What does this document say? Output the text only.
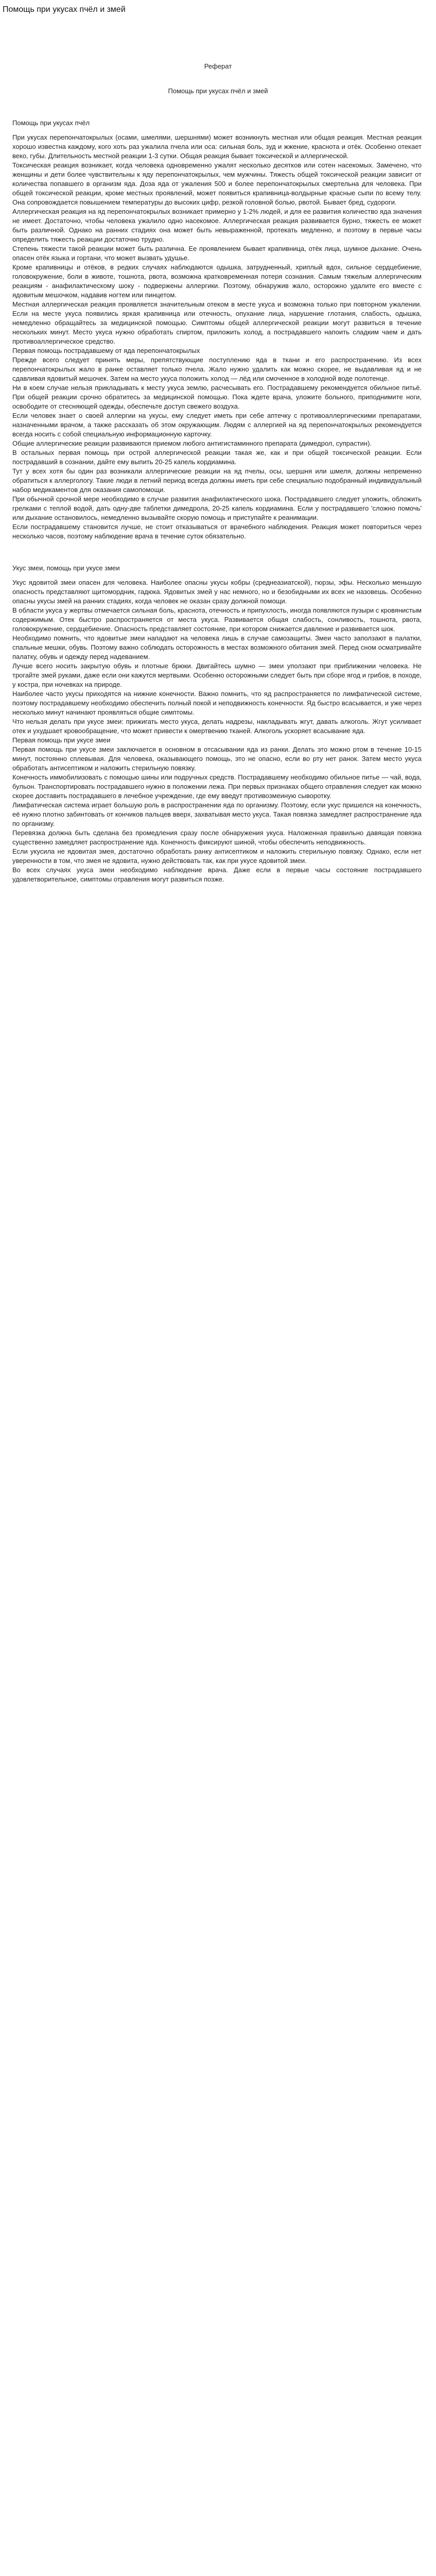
Помощь при укусах пчёл и змей
Реферат
Помощь при укусах пчёл и змей
Помощь при укусах пчёл

При укусах перепончатокрылых (осами, шмелями, шершнями) может возникнуть местная или общая реакция. Местная реакция хорошо известна каждому, кого хоть раз ужалила пчела или оса: сильная боль, зуд и жжение, краснота и отёк. Особенно отекает веко, губы. Длительность местной реакции 1-3 сутки. Общая реакция бывает токсической и аллергической.

Токсическая реакция возникает, когда человека одновременно ужалят несколько десятков или сотен насекомых. Замечено, что женщины и дети более чувствительны к яду перепончатокрылых, чем мужчины. Тяжесть общей токсической реакции зависит от количества попавшего в организм яда. Доза яда от ужаления 500 и более перепончатокрылых смертельна для человека. При общей токсической реакции, кроме местных проявлений, может появиться крапивница-волдырные красные сыпи по всему телу. Она сопровождается повышением температуры до высоких цифр, резкой головной болью, рвотой. Бывает бред, судороги.

Аллергическая реакция на яд перепончатокрылых возникает примерно у 1-2% людей, и для ее развития количество яда значения не имеет. Достаточно, чтобы человека ужалило одно насекомое. Аллергическая реакция развивается бурно, тяжесть ее может быть различной. Однако на ранних стадиях она может быть невыраженной, протекать медленно, и поэтому в первые часы определить тяжесть реакции достаточно трудно.

Степень тяжести такой реакции может быть различна. Ее проявлением бывает крапивница, отёк лица, шумное дыхание. Очень опасен отёк языка и гортани, что может вызвать удушье.

Кроме крапивницы и отёков, в редких случаях наблюдаются одышка, затрудненный, хриплый вдох, сильное сердцебиение, головокружение, боли в животе, тошнота, рвота, возможна кратковременная потеря сознания. Самым тяжелым аллергическим реакциям - анафилактическому шоку - подвержены аллергики. Поэтому, обнаружив жало, осторожно удалите его вместе с ядовитым мешочком, надавив ногтем или пинцетом.

Местная аллергическая реакция проявляется значительным отеком в месте укуса и возможна только при повторном ужалении. Если на месте укуса появились яркая крапивница или отечность, опухание лица, нарушение глотания, слабость, одышка, немедленно обращайтесь за медицинской помощью. Симптомы общей аллергической реакции могут развиться в течение нескольких минут. Место укуса нужно обработать спиртом, приложить холод, а пострадавшего напоить сладким чаем и дать противоаллергическое средство.

Первая помощь пострадавшему от яда перепончатокрылых

Прежде всего следует принять меры, препятствующие поступлению яда в ткани и его распространению. Из всех перепончатокрылых жало в ранке оставляет только пчела. Жало нужно удалить как можно скорее, не выдавливая яд и не сдавливая ядовитый мешочек. Затем на место укуса положить холод — лёд или смоченное в холодной воде полотенце.

Ни в коем случае нельзя прикладывать к месту укуса землю, расчесывать его. Пострадавшему рекомендуется обильное питьё. При общей реакции срочно обратитесь за медицинской помощью. Пока ждете врача, уложите больного, приподнимите ноги, освободите от стесняющей одежды, обеспечьте доступ свежего воздуха.

Если человек знает о своей аллергии на укусы, ему следует иметь при себе аптечку с противоаллергическими препаратами, назначенными врачом, а также рассказать об этом окружающим. Людям с аллергией на яд перепончатокрылых рекомендуется всегда носить с собой специальную информационную карточку.

Общие аллергические реакции развиваются приемом любого антигистаминного препарата (димедрол, супрастин).

В остальных первая помощь при острой аллергической реакции такая же, как и при общей токсической реакции. Если пострадавший в сознании, дайте ему выпить 20-25 капель кордиамина.

Тут у всех хотя бы один раз возникали аллергические реакции на яд пчелы, осы, шершня или шмеля, должны непременно обратиться к аллергологу. Такие люди в летний период всегда должны иметь при себе специально подобранный индивидуальный набор медикаментов для оказания самопомощи.

При обычной срочной мере необходимо в случае развития анафилактического шока. Пострадавшего следует уложить, обложить грелками с теплой водой, дать одну-две таблетки димедрола, 20-25 капель кордиамина. Если у пострадавшего 'сложно помочь' или дыхание остановилось, немедленно вызывайте скорую помощь и приступайте к реанимации.

Если пострадавшему становится лучше, не стоит отказываться от врачебного наблюдения. Реакция может повториться через несколько часов, поэтому наблюдение врача в течение суток обязательно.

Укус змеи, помощь при укусе змеи

Укус ядовитой змеи опасен для человека. Наиболее опасны укусы кобры (среднеазиатской), гюрзы, эфы. Несколько меньшую опасность представляют щитомордник, гадюка. Ядовитых змей у нас немного, но и безобидными их всех не назовешь. Особенно опасны укусы змей на ранних стадиях, когда человек не оказан сразу должной помощи.

В области укуса у жертвы отмечается сильная боль, краснота, отечность и припухлость, иногда появляются пузыри с кровянистым содержимым. Отек быстро распространяется от места укуса. Развивается общая слабость, сонливость, тошнота, рвота, головокружение, сердцебиение. Опасность представляет состояние, при котором снижается давление и развивается шок.

Необходимо помнить, что ядовитые змеи нападают на человека лишь в случае самозащиты. Змеи часто заползают в палатки, спальные мешки, обувь. Поэтому важно соблюдать осторожность в местах возможного обитания змей. Перед сном осматривайте палатку, обувь и одежду перед надеванием.

Лучше всего носить закрытую обувь и плотные брюки. Двигайтесь шумно — змеи уползают при приближении человека. Не трогайте змей руками, даже если они кажутся мертвыми. Особенно осторожными следует быть при сборе ягод и грибов, в походе, у костра, при ночевках на природе.

Наиболее часто укусы приходятся на нижние конечности. Важно помнить, что яд распространяется по лимфатической системе, поэтому пострадавшему необходимо обеспечить полный покой и неподвижность конечности. Яд быстро всасывается, и уже через несколько минут начинают проявляться общие симптомы.

Что нельзя делать при укусе змеи: прижигать место укуса, делать надрезы, накладывать жгут, давать алкоголь. Жгут усиливает отек и ухудшает кровообращение, что может привести к омертвению тканей. Алкоголь ускоряет всасывание яда.

Первая помощь при укусе змеи

Первая помощь при укусе змеи заключается в основном в отсасывании яда из ранки. Делать это можно ртом в течение 10-15 минут, постоянно сплевывая. Для человека, оказывающего помощь, это не опасно, если во рту нет ранок. Затем место укуса обработать антисептиком и наложить стерильную повязку.

Конечность иммобилизовать с помощью шины или подручных средств. Пострадавшему необходимо обильное питье — чай, вода, бульон. Транспортировать пострадавшего нужно в положении лежа. При первых признаках общего отравления следует как можно скорее доставить пострадавшего в лечебное учреждение, где ему введут противозмеиную сыворотку.

Лимфатическая система играет большую роль в распространении яда по организму. Поэтому, если укус пришелся на конечность, её нужно плотно забинтовать от кончиков пальцев вверх, захватывая место укуса. Такая повязка замедляет распространение яда по организму.

Перевязка должна быть сделана без промедления сразу после обнаружения укуса. Наложенная правильно давящая повязка существенно замедляет распространение яда. Конечность фиксируют шиной, чтобы обеспечить неподвижность.

Если укусила не ядовитая змея, достаточно обработать ранку антисептиком и наложить стерильную повязку. Однако, если нет уверенности в том, что змея не ядовита, нужно действовать так, как при укусе ядовитой змеи.

Во всех случаях укуса змеи необходимо наблюдение врача. Даже если в первые часы состояние пострадавшего удовлетворительное, симптомы отравления могут развиться позже.
